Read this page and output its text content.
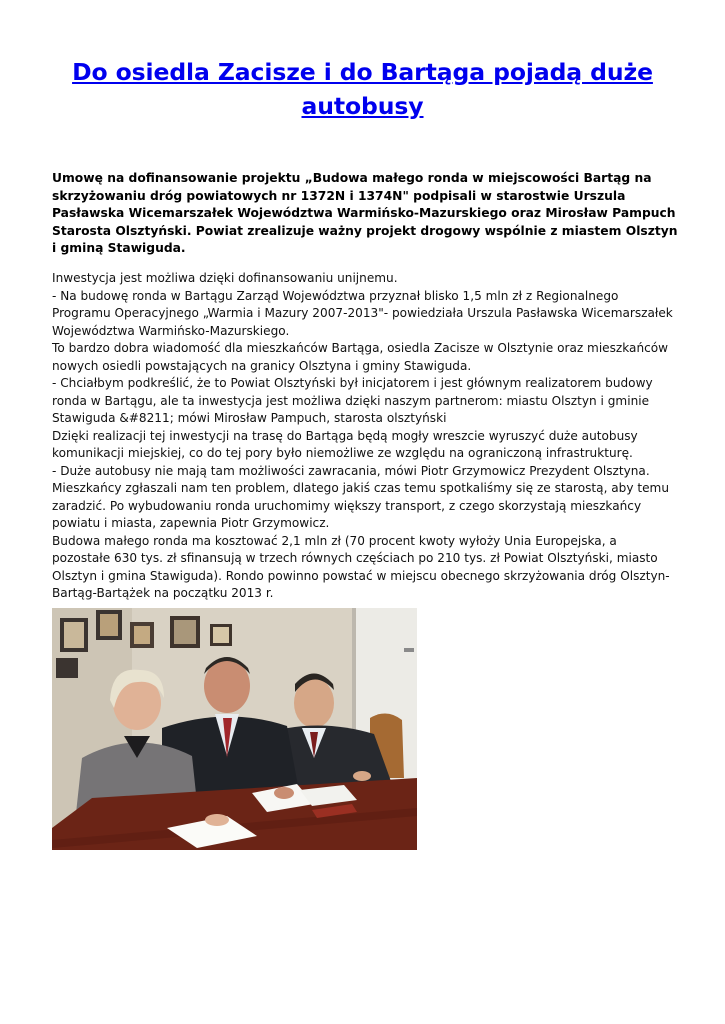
Do osiedla Zacisze i do Bartąga pojadą duże autobusy
Umowę na dofinansowanie projektu „Budowa małego ronda w miejscowości Bartąg na skrzyżowaniu dróg powiatowych nr 1372N i 1374N" podpisali w starostwie Urszula Pasławska Wicemarszałek Województwa Warmińsko-Mazurskiego oraz Mirosław Pampuch Starosta Olsztyński. Powiat zrealizuje ważny projekt drogowy wspólnie z miastem Olsztyn i gminą Stawiguda.

Inwestycja jest możliwa dzięki dofinansowaniu unijnemu.

- Na budowę ronda w Bartągu Zarząd Województwa przyznał blisko 1,5 mln zł z Regionalnego Programu Operacyjnego „Warmia i Mazury 2007-2013"- powiedziała Urszula Pasławska Wicemarszałek Województwa Warmińsko-Mazurskiego.

To bardzo dobra wiadomość dla mieszkańców Bartąga, osiedla Zacisze w Olsztynie oraz mieszkańców nowych osiedli powstających na granicy Olsztyna i gminy Stawiguda.

- Chciałbym podkreślić, że to Powiat Olsztyński był inicjatorem i jest głównym realizatorem budowy ronda w Bartągu, ale ta inwestycja jest możliwa dzięki naszym partnerom: miastu Olsztyn i gminie Stawiguda &#8211; mówi Mirosław Pampuch, starosta olsztyński

Dzięki realizacji tej inwestycji na trasę do Bartąga będą mogły wreszcie wyruszyć duże autobusy komunikacji miejskiej, co do tej pory było niemożliwe ze względu na ograniczoną infrastrukturę.

- Duże autobusy nie mają tam możliwości zawracania, mówi Piotr Grzymowicz Prezydent Olsztyna. Mieszkańcy zgłaszali nam ten problem, dlatego jakiś czas temu spotkaliśmy się ze starostą, aby temu zaradzić. Po wybudowaniu ronda uruchomimy większy transport, z czego skorzystają mieszkańcy powiatu i miasta, zapewnia Piotr Grzymowicz.

Budowa małego ronda ma kosztować 2,1 mln zł (70 procent kwoty wyłoży Unia Europejska, a pozostałe 630 tys. zł sfinansują w trzech równych częściach po 210 tys. zł Powiat Olsztyński, miasto Olsztyn i gmina Stawiguda). Rondo powinno powstać w miejscu obecnego skrzyżowania dróg Olsztyn-Bartąg-Bartążek na początku 2013 r.
